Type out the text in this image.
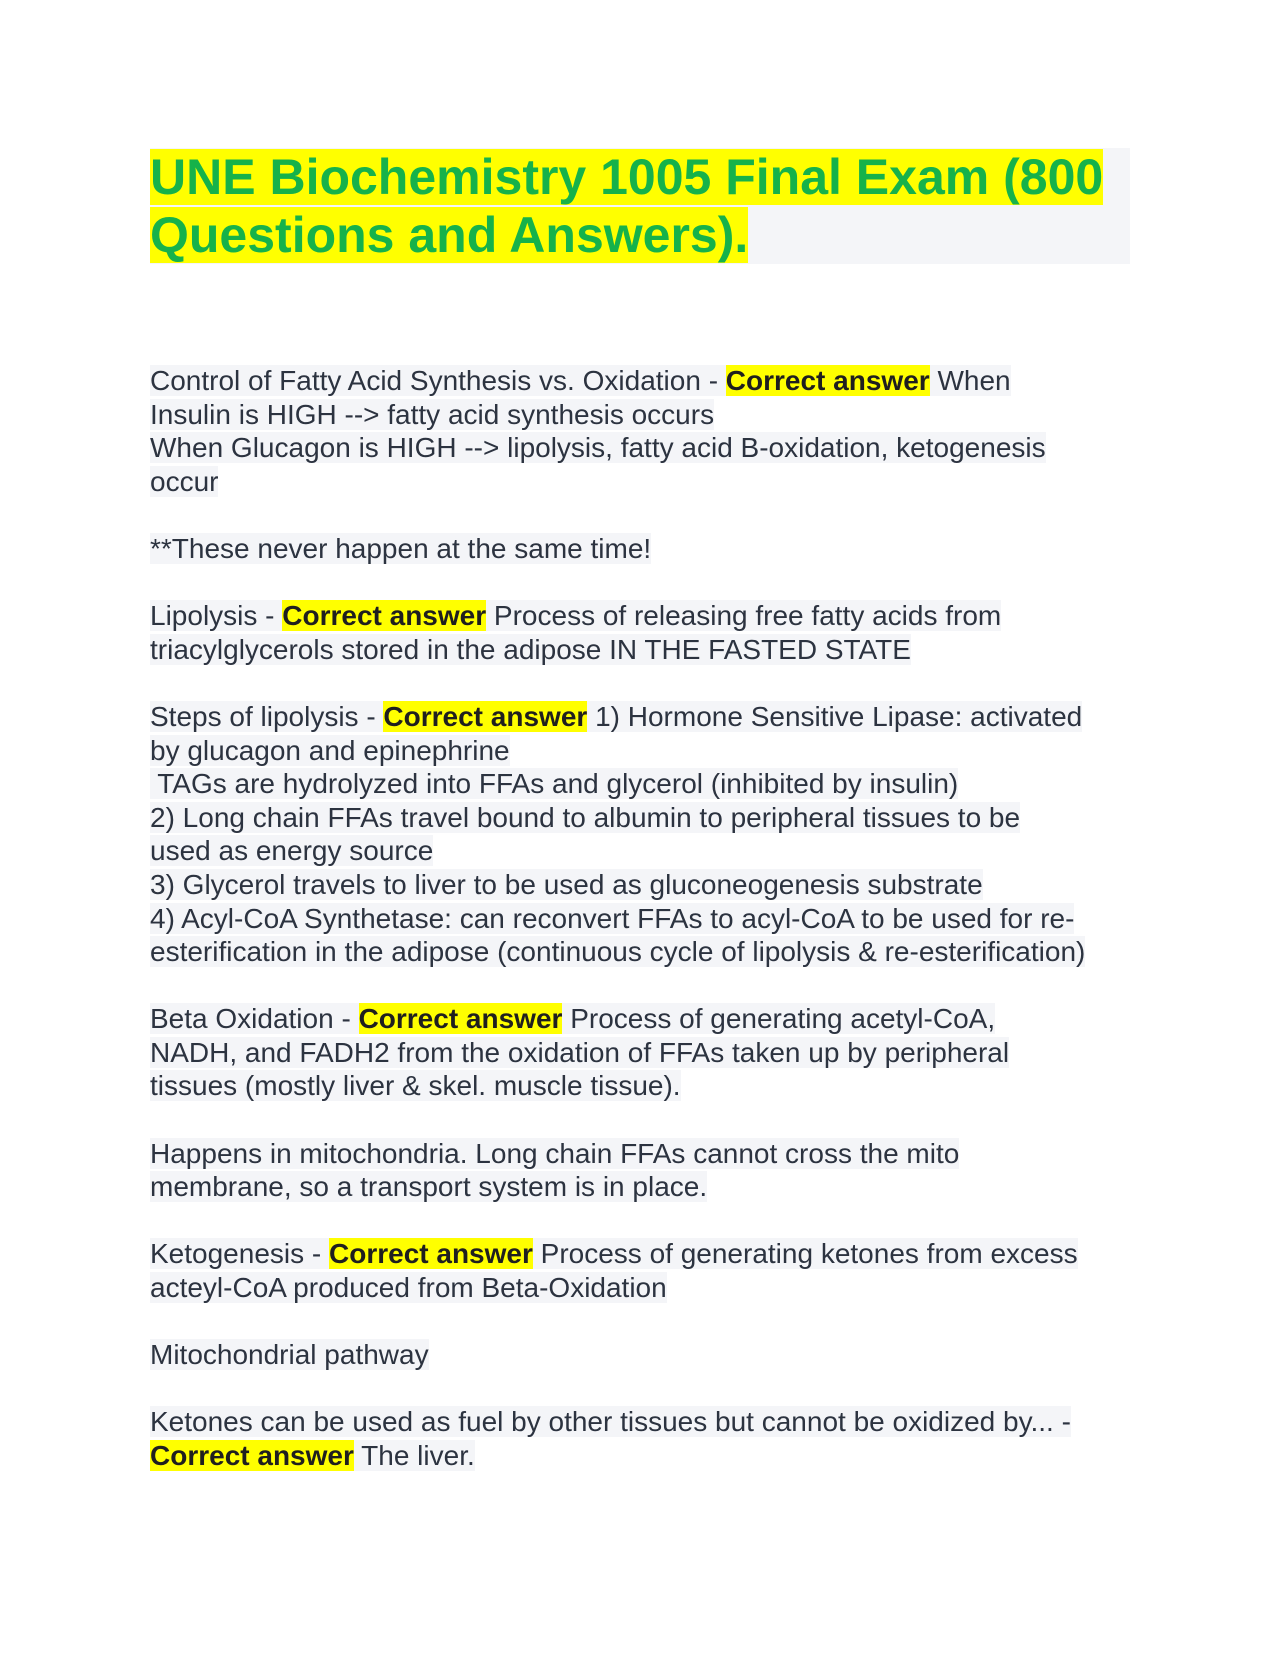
UNE Biochemistry 1005 Final Exam (800 Questions and Answers).
Control of Fatty Acid Synthesis vs. Oxidation - Correct answer When
Insulin is HIGH --> fatty acid synthesis occurs
When Glucagon is HIGH --> lipolysis, fatty acid B-oxidation, ketogenesis
occur
**These never happen at the same time!
Lipolysis - Correct answer Process of releasing free fatty acids from
triacylglycerols stored in the adipose IN THE FASTED STATE
Steps of lipolysis - Correct answer 1) Hormone Sensitive Lipase: activated
by glucagon and epinephrine
TAGs are hydrolyzed into FFAs and glycerol (inhibited by insulin)
2) Long chain FFAs travel bound to albumin to peripheral tissues to be
used as energy source
3) Glycerol travels to liver to be used as gluconeogenesis substrate
4) Acyl-CoA Synthetase: can reconvert FFAs to acyl-CoA to be used for re-
esterification in the adipose (continuous cycle of lipolysis & re-esterification)
Beta Oxidation - Correct answer Process of generating acetyl-CoA,
NADH, and FADH2 from the oxidation of FFAs taken up by peripheral
tissues (mostly liver & skel. muscle tissue).
Happens in mitochondria. Long chain FFAs cannot cross the mito
membrane, so a transport system is in place.
Ketogenesis - Correct answer Process of generating ketones from excess
acteyl-CoA produced from Beta-Oxidation
Mitochondrial pathway
Ketones can be used as fuel by other tissues but cannot be oxidized by... -
Correct answer The liver.
